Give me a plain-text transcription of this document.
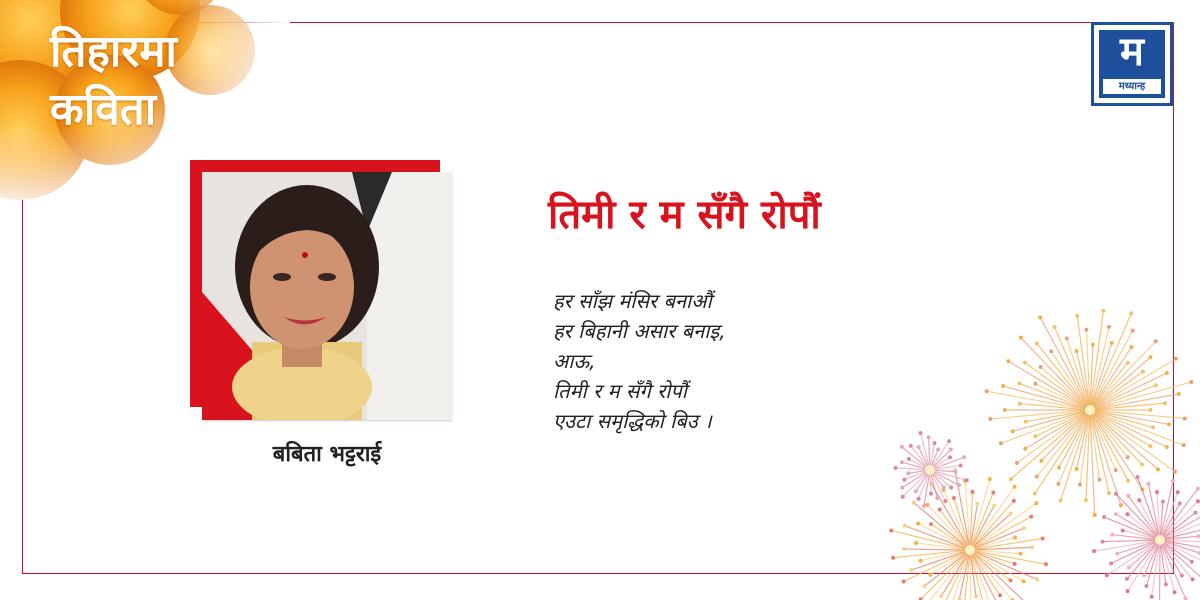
तिहारमा
कविता
म
मध्यान्ह
बबिता भट्टराई
तिमी र म सँगै रोपौं
हर साँझ मंसिर बनाऔं
हर बिहानी असार बनाइ,
आऊ,
तिमी र म सँगै रोपौं
एउटा समृद्धिको बिउ ।
